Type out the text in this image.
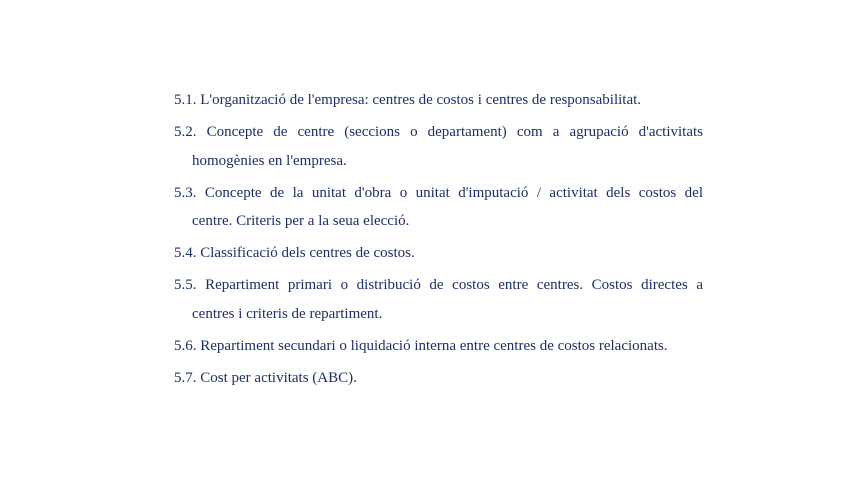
5.1. L'organització de l'empresa: centres de costos i centres de responsabilitat.

5.2. Concepte de centre (seccions o departament) com a agrupació d'activitats
homogènies en l'empresa.

5.3. Concepte de la unitat d'obra o unitat d'imputació / activitat dels costos del
centre. Criteris per a la seua elecció.

5.4. Classificació dels centres de costos.

5.5. Repartiment primari o distribució de costos entre centres. Costos directes a
centres i criteris de repartiment.

5.6. Repartiment secundari o liquidació interna entre centres de costos relacionats.

5.7. Cost per activitats (ABC).
